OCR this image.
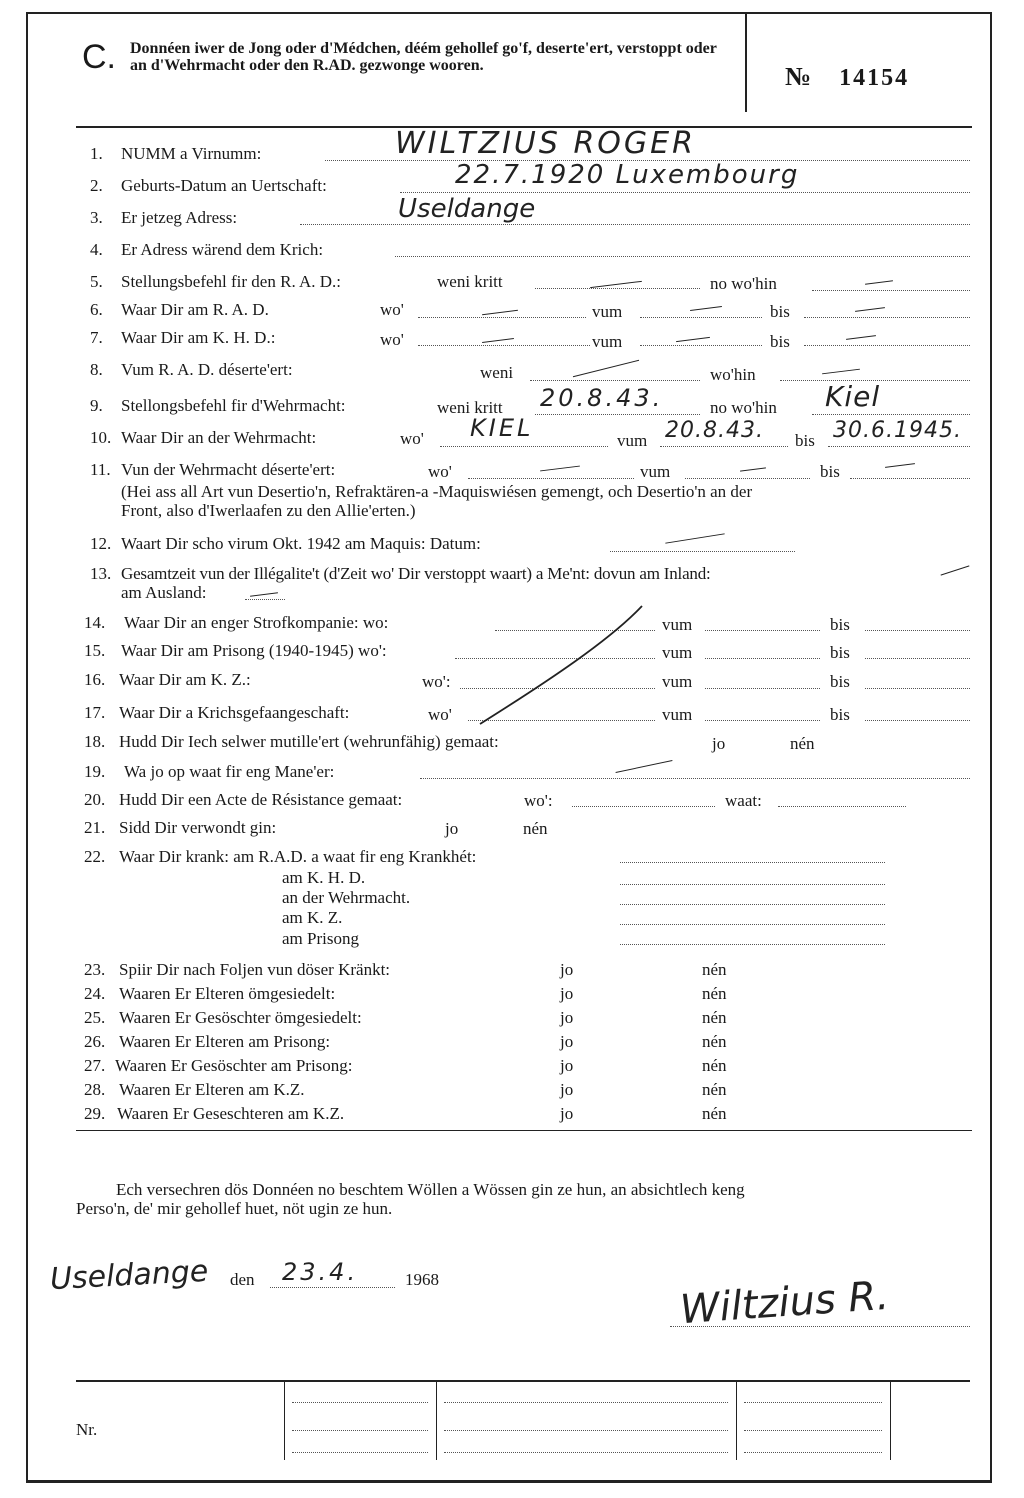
C. Donnéen iwer de Jong oder d'Médchen, déém gehollef go'f, deserte'ert, verstoppt oder an d'Wehrmacht oder den R.AD. gezwonge wooren.	№ 14154
1. NUMM a Virnumm:	WILTZIUS ROGER
2. Geburts-Datum an Uertschaft:	22.7.1920 Luxembourg
3. Er jetzeg Adress:	Useldange
4. Er Adress wärend dem Krich:
5. Stellungsbefehl fir den R. A. D.:	weni kritt	no wo'hin
6. Waar Dir am R. A. D.	wo'	vum	bis
7. Waar Dir am K. H. D.:	wo'	vum	bis
8. Vum R. A. D. déserte'ert:	weni	wo'hin
9. Stellongsbefehl fir d'Wehrmacht:	weni kritt 20.8.43.	no wo'hin Kiel
10. Waar Dir an der Wehrmacht:	wo' KIEL	vum 20.8.43. bis 30.6.1945.
11. Vun der Wehrmacht déserte'ert:	wo'	vum	bis
(Hei ass all Art vun Desertio'n, Refraktären-a -Maquiswiésen gemengt, och Desertio'n an der
Front, also d'Iwerlaafen zu den Allie'erten.)
12. Waart Dir scho virum Okt. 1942 am Maquis: Datum:
13. Gesamtzeit vun der Illégalite't (d'Zeit wo' Dir verstoppt waart) a Me'nt: dovun am Inland:
am Ausland:
14. Waar Dir an enger Strofkompanie: wo:	vum	bis
15. Waar Dir am Prisong (1940-1945) wo':	vum	bis
16. Waar Dir am K. Z.:	wo':	vum	bis
17. Waar Dir a Krichsgefaangeschaft:	wo'	vum	bis
18. Hudd Dir Iech selwer mutille'ert (wehrunfähig) gemaat:	jo	nén
19. Wa jo op waat fir eng Mane'er:
20. Hudd Dir een Acte de Résistance gemaat:	wo':	waat:
21. Sidd Dir verwondt gin:	jo	nén
22. Waar Dir krank: am R.A.D. a waat fir eng Krankhét:
am K. H. D.
an der Wehrmacht.
am K. Z.
am Prisong
23. Spiir Dir nach Foljen vun döser Kränkt:	jo	nén
24. Waaren Er Elteren ömgesiedelt:	jo	nén
25. Waaren Er Gesöschter ömgesiedelt:	jo	nén
26. Waaren Er Elteren am Prisong:	jo	nén
27. Waaren Er Gesöschter am Prisong:	jo	nén
28. Waaren Er Elteren am K.Z.	jo	nén
29. Waaren Er Geseschteren am K.Z.	jo	nén
Ech versechren dös Donnéen no beschtem Wöllen a Wössen gin ze hun, an absichtlech keng
Perso'n, de' mir gehollef huet, nöt ugin ze hun.
Useldange den 23.4.	1968	Wiltzius R.
Nr.
